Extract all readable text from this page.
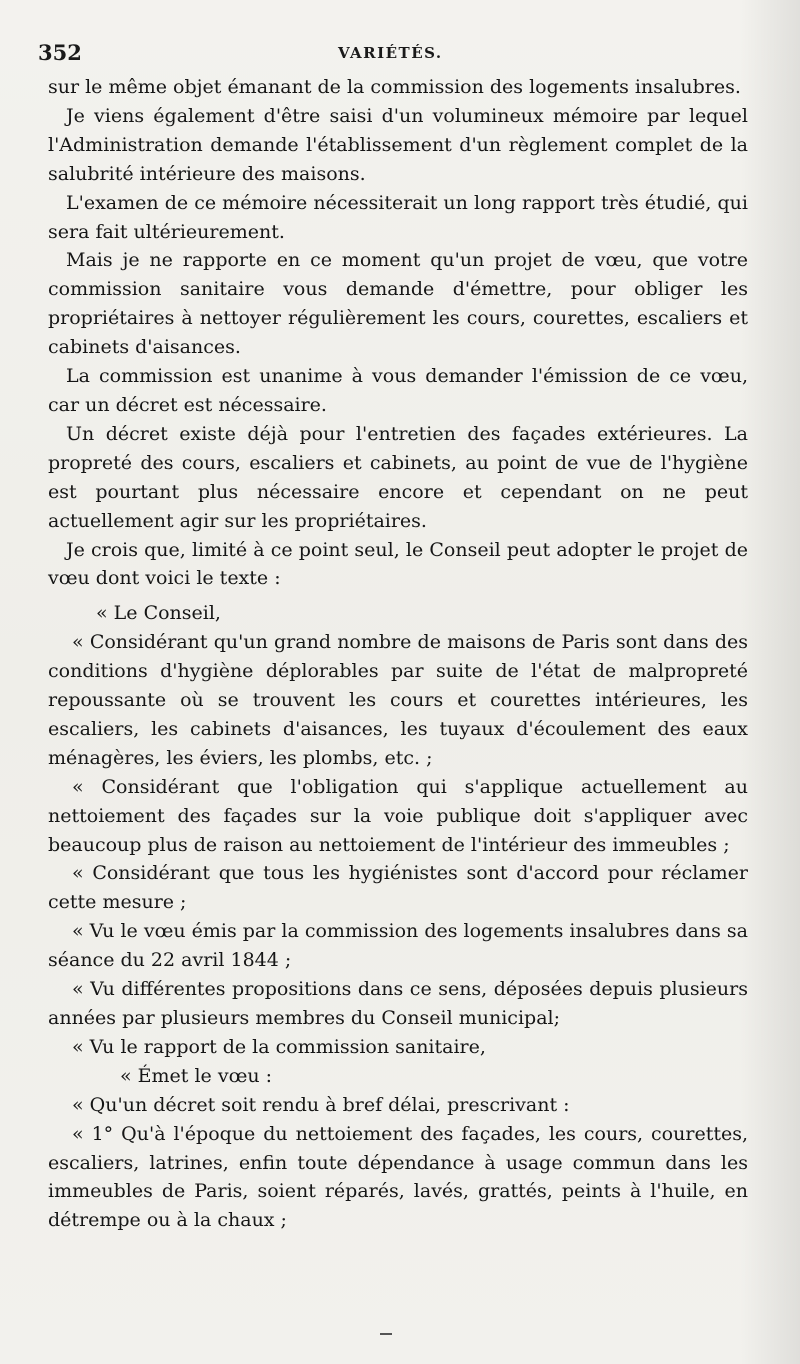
352	VARIÉTÉS.

sur le même objet émanant de la commission des logements insalubres.

Je viens également d'être saisi d'un volumineux mémoire par lequel l'Administration demande l'établissement d'un règlement complet de la salubrité intérieure des maisons.

L'examen de ce mémoire nécessiterait un long rapport très étudié, qui sera fait ultérieurement.

Mais je ne rapporte en ce moment qu'un projet de vœu, que votre commission sanitaire vous demande d'émettre, pour obliger les propriétaires à nettoyer régulièrement les cours, courettes, escaliers et cabinets d'aisances.

La commission est unanime à vous demander l'émission de ce vœu, car un décret est nécessaire.

Un décret existe déjà pour l'entretien des façades extérieures. La propreté des cours, escaliers et cabinets, au point de vue de l'hygiène est pourtant plus nécessaire encore et cependant on ne peut actuellement agir sur les propriétaires.

Je crois que, limité à ce point seul, le Conseil peut adopter le projet de vœu dont voici le texte :

« Le Conseil,

« Considérant qu'un grand nombre de maisons de Paris sont dans des conditions d'hygiène déplorables par suite de l'état de malpropreté repoussante où se trouvent les cours et courettes intérieures, les escaliers, les cabinets d'aisances, les tuyaux d'écoulement des eaux ménagères, les éviers, les plombs, etc. ;

« Considérant que l'obligation qui s'applique actuellement au nettoiement des façades sur la voie publique doit s'appliquer avec beaucoup plus de raison au nettoiement de l'intérieur des immeubles ;

« Considérant que tous les hygiénistes sont d'accord pour réclamer cette mesure ;

« Vu le vœu émis par la commission des logements insalubres dans sa séance du 22 avril 1844 ;

« Vu différentes propositions dans ce sens, déposées depuis plusieurs années par plusieurs membres du Conseil municipal;

« Vu le rapport de la commission sanitaire,

« Émet le vœu :

« Qu'un décret soit rendu à bref délai, prescrivant :

« 1° Qu'à l'époque du nettoiement des façades, les cours, courettes, escaliers, latrines, enfin toute dépendance à usage commun dans les immeubles de Paris, soient réparés, lavés, grattés, peints à l'huile, en détrempe ou à la chaux ;
